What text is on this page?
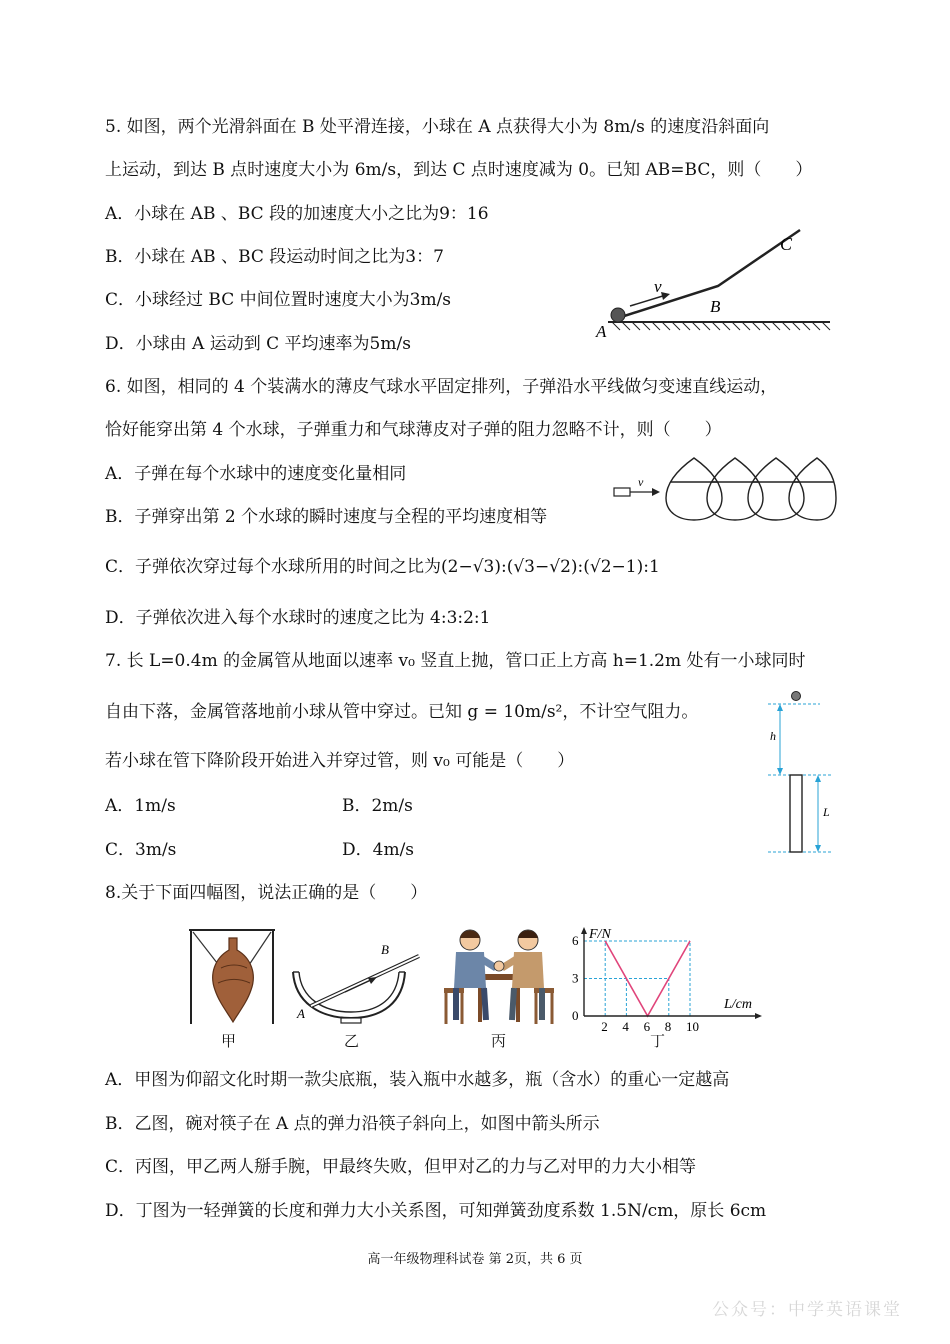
5. 如图，两个光滑斜面在 B 处平滑连接，小球在 A 点获得大小为 8m/s 的速度沿斜面向
上运动，到达 B 点时速度大小为 6m/s，到达 C 点时速度减为 0。已知 AB=BC，则（　　）
A．小球在 AB 、BC 段的加速度大小之比为9：16
B．小球在 AB 、BC 段运动时间之比为3：7
C．小球经过 BC 中间位置时速度大小为3m/s
D．小球由 A 运动到 C 平均速率为5m/s
v
A
B
C
6. 如图，相同的 4 个装满水的薄皮气球水平固定排列，子弹沿水平线做匀变速直线运动，
恰好能穿出第 4 个水球，子弹重力和气球薄皮对子弹的阻力忽略不计，则（　　）
A．子弹在每个水球中的速度变化量相同
B．子弹穿出第 2 个水球的瞬时速度与全程的平均速度相等
C．子弹依次穿过每个水球所用的时间之比为(2−√3):(√3−√2):(√2−1):1
D．子弹依次进入每个水球时的速度之比为 4:3:2:1
v
7. 长 L=0.4m 的金属管从地面以速率 v₀ 竖直上抛，管口正上方高 h=1.2m 处有一小球同时
自由下落，金属管落地前小球从管中穿过。已知 g = 10m/s²，不计空气阻力。
若小球在管下降阶段开始进入并穿过管，则 v₀ 可能是（　　）
A．1m/s	B．2m/s
C．3m/s	D．4m/s
h
L
8.关于下面四幅图，说法正确的是（　　）
甲
A
B
乙	丙
2 4 6 8 10
0
3
6 F/N
L/cm
丁
A．甲图为仰韶文化时期一款尖底瓶，装入瓶中水越多，瓶（含水）的重心一定越高
B．乙图，碗对筷子在 A 点的弹力沿筷子斜向上，如图中箭头所示
C．丙图，甲乙两人掰手腕，甲最终失败，但甲对乙的力与乙对甲的力大小相等
D．丁图为一轻弹簧的长度和弹力大小关系图，可知弹簧劲度系数 1.5N/cm，原长 6cm
高一年级物理科试卷 第 2页，共 6 页
公众号：中学英语课堂
